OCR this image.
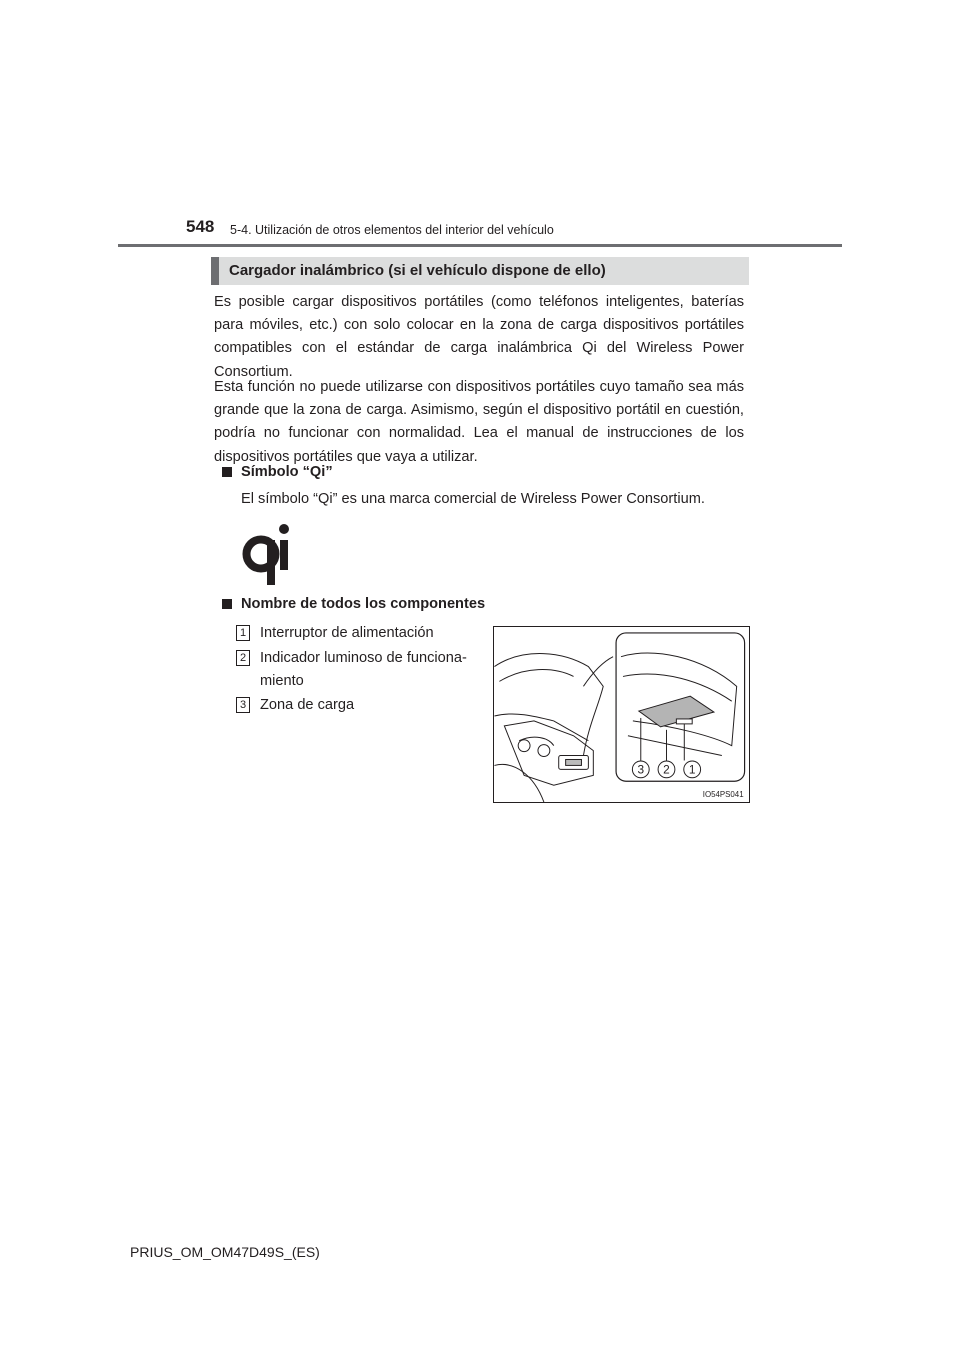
548 5-4. Utilización de otros elementos del interior del vehículo
Cargador inalámbrico (si el vehículo dispone de ello)

Es posible cargar dispositivos portátiles (como teléfonos inteligentes, baterías para móviles, etc.) con solo colocar en la zona de carga dispositivos portátiles compatibles con el estándar de carga inalámbrica Qi del Wireless Power Consortium.

Esta función no puede utilizarse con dispositivos portátiles cuyo tamaño sea más grande que la zona de carga. Asimismo, según el dispositivo portátil en cuestión, podría no funcionar con normalidad. Lea el manual de instrucciones de los dispositivos portátiles que vaya a utilizar.

Símbolo “Qi”
El símbolo “Qi” es una marca comercial de Wireless Power Consortium.
Nombre de todos los componentes
1 Interruptor de alimentación
2 Indicador luminoso de funciona-
miento
3 Zona de carga
3 2 1
IO54PS041
PRIUS_OM_OM47D49S_(ES)
